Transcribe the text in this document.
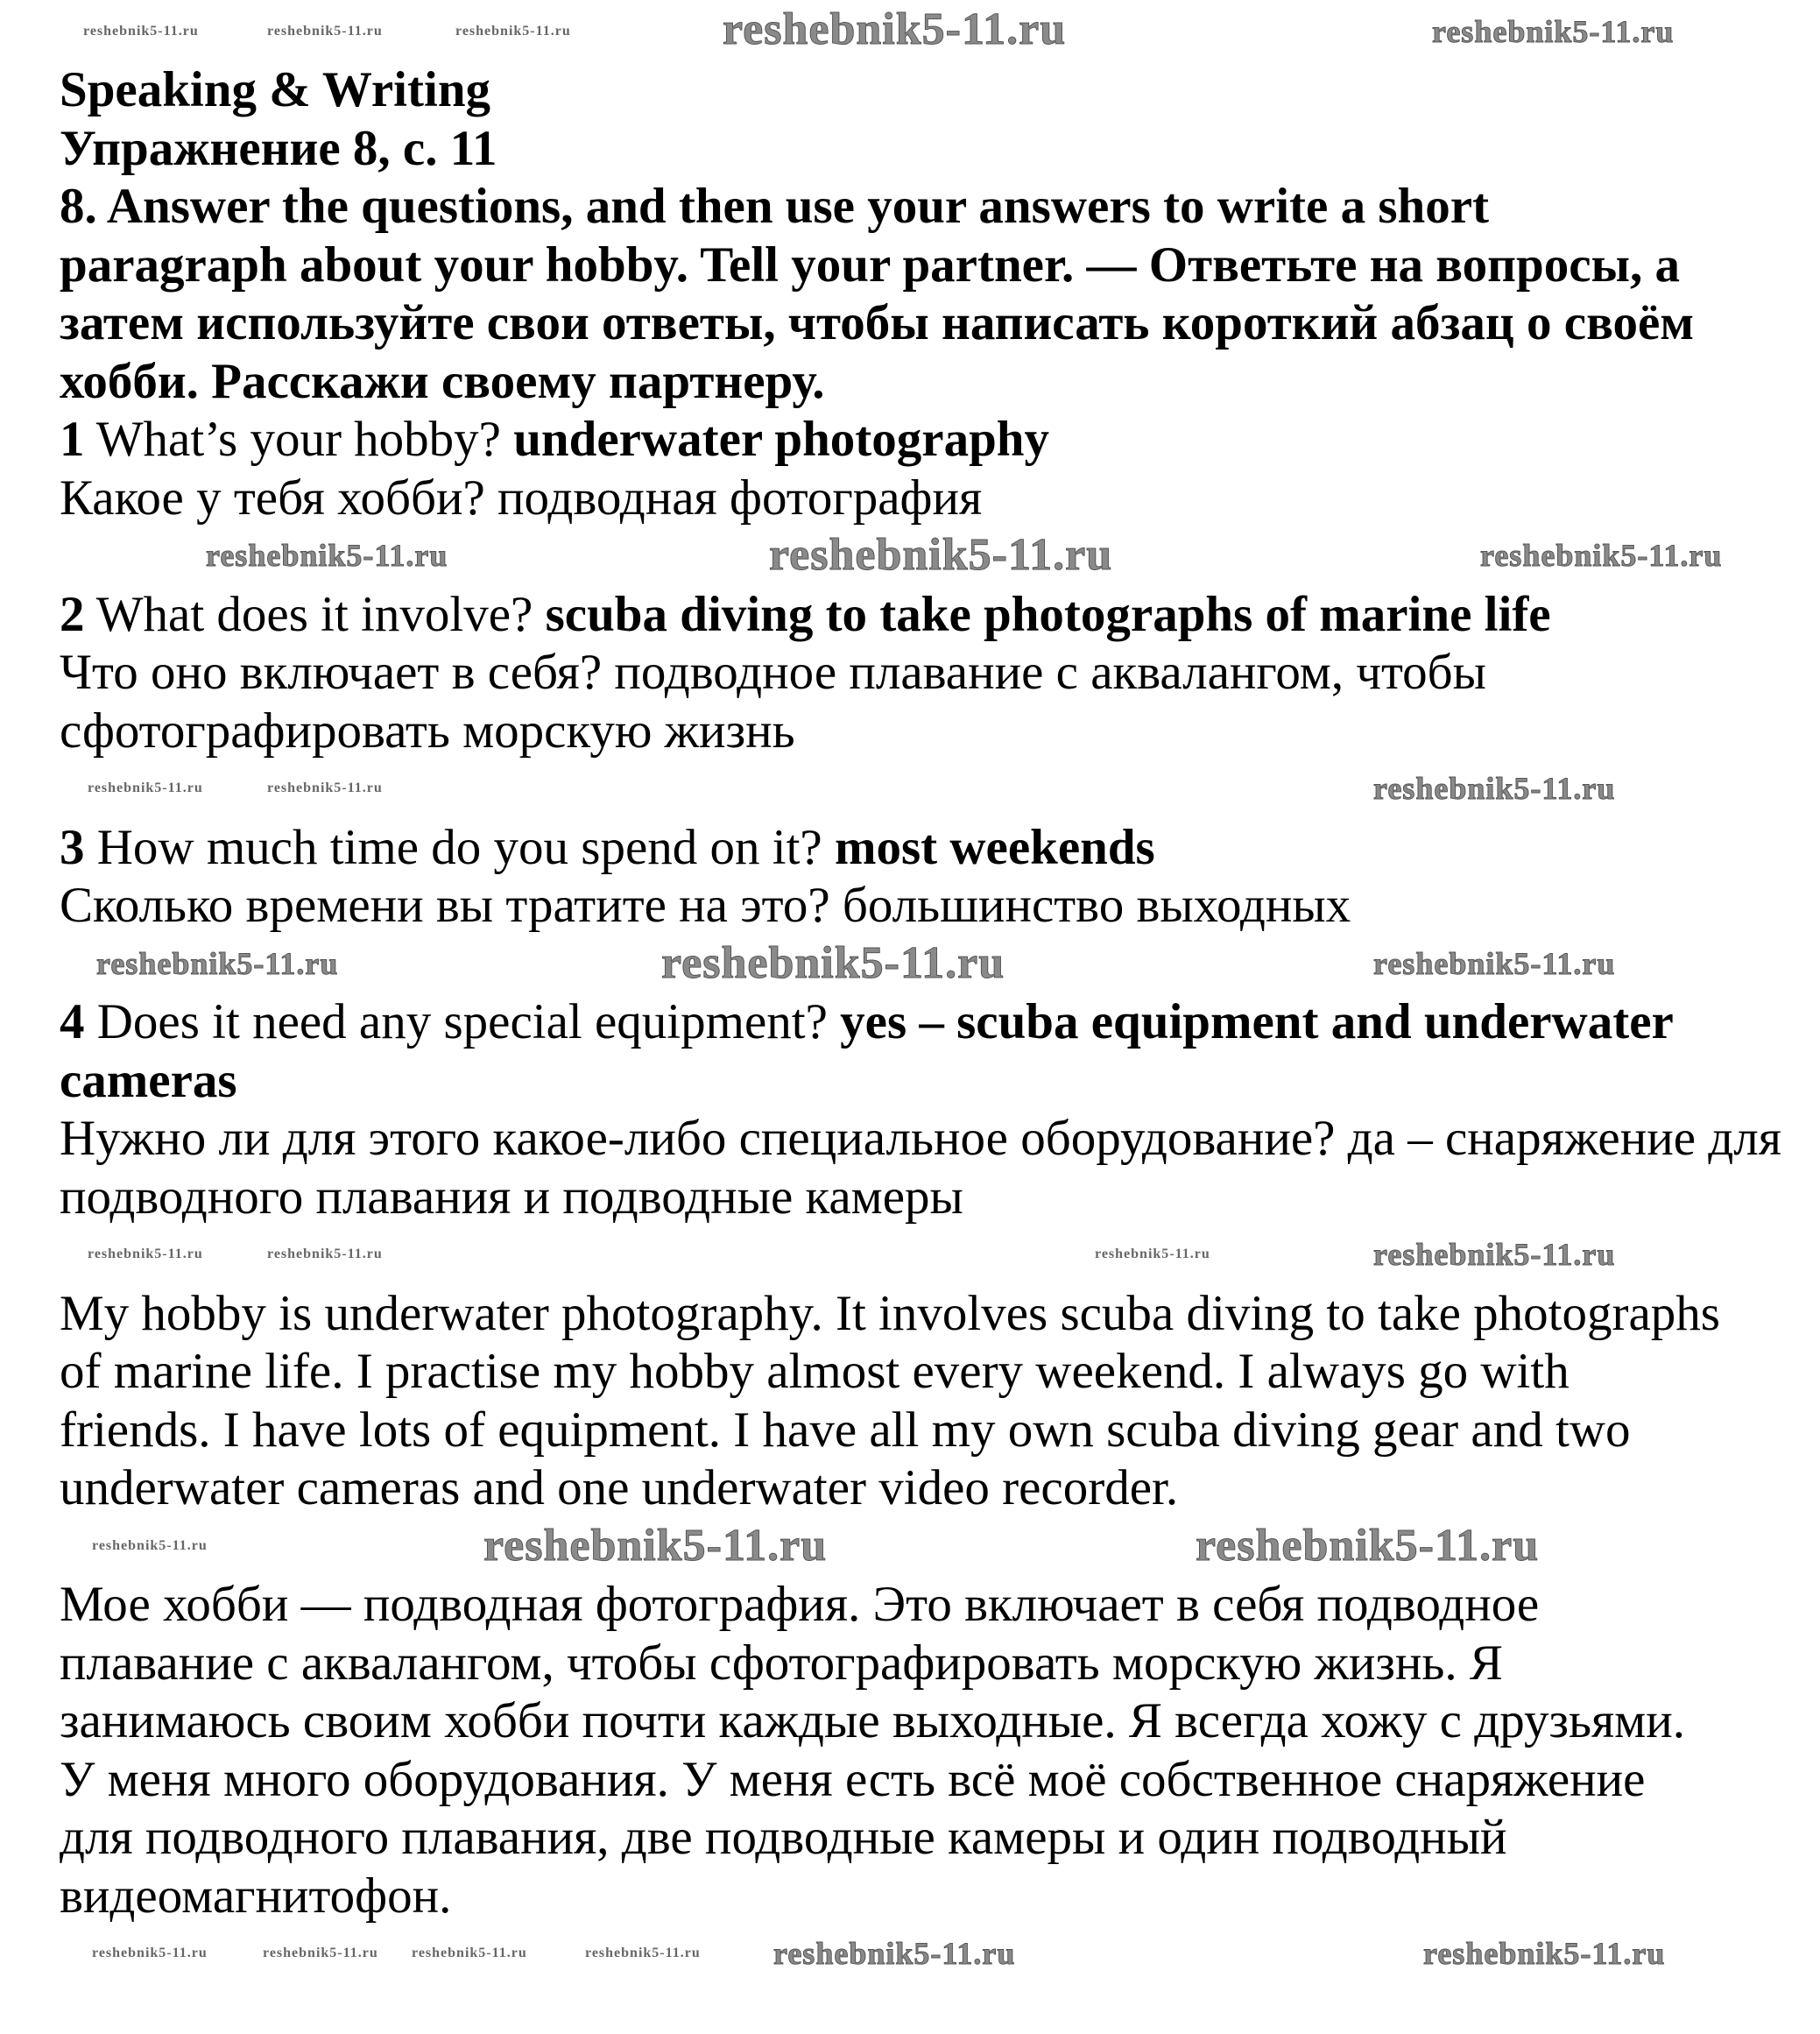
reshebnik5-11.ru	reshebnik5-11.ru	reshebnik5-11.ru	reshebnik5-11.ru	reshebnik5-11.ru
Speaking & Writing
Упражнение 8, с. 11
8. Answer the questions, and then use your answers to write a short
paragraph about your hobby. Tell your partner. — Ответьте на вопросы, а
затем используйте свои ответы, чтобы написать короткий абзац о своём
хобби. Расскажи своему партнеру.
1 What’s your hobby? underwater photography
Какое у тебя хобби? подводная фотография
reshebnik5-11.ru	reshebnik5-11.ru	reshebnik5-11.ru
2 What does it involve? scuba diving to take photographs of marine life
Что оно включает в себя? подводное плавание с аквалангом, чтобы сфотографировать морскую жизнь
reshebnik5-11.ru	reshebnik5-11.ru	reshebnik5-11.ru
3 How much time do you spend on it? most weekends
Сколько времени вы тратите на это? большинство выходных
reshebnik5-11.ru	reshebnik5-11.ru	reshebnik5-11.ru
4 Does it need any special equipment? yes – scuba equipment and underwater cameras
Нужно ли для этого какое-либо специальное оборудование? да – снаряжение для подводного плавания и подводные камеры
reshebnik5-11.ru	reshebnik5-11.ru	reshebnik5-11.ru	reshebnik5-11.ru
My hobby is underwater photography. It involves scuba diving to take photographs
of marine life. I practise my hobby almost every weekend. I always go with
friends. I have lots of equipment. I have all my own scuba diving gear and two
underwater cameras and one underwater video recorder.
reshebnik5-11.ru	reshebnik5-11.ru	reshebnik5-11.ru
Мое хобби — подводная фотография. Это включает в себя подводное
плавание с аквалангом, чтобы сфотографировать морскую жизнь. Я
занимаюсь своим хобби почти каждые выходные. Я всегда хожу с друзьями.
У меня много оборудования. У меня есть всё моё собственное снаряжение
для подводного плавания, две подводные камеры и один подводный
видеомагнитофон.
reshebnik5-11.ru	reshebnik5-11.ru reshebnik5-11.ru	reshebnik5-11.ru reshebnik5-11.ru	reshebnik5-11.ru
